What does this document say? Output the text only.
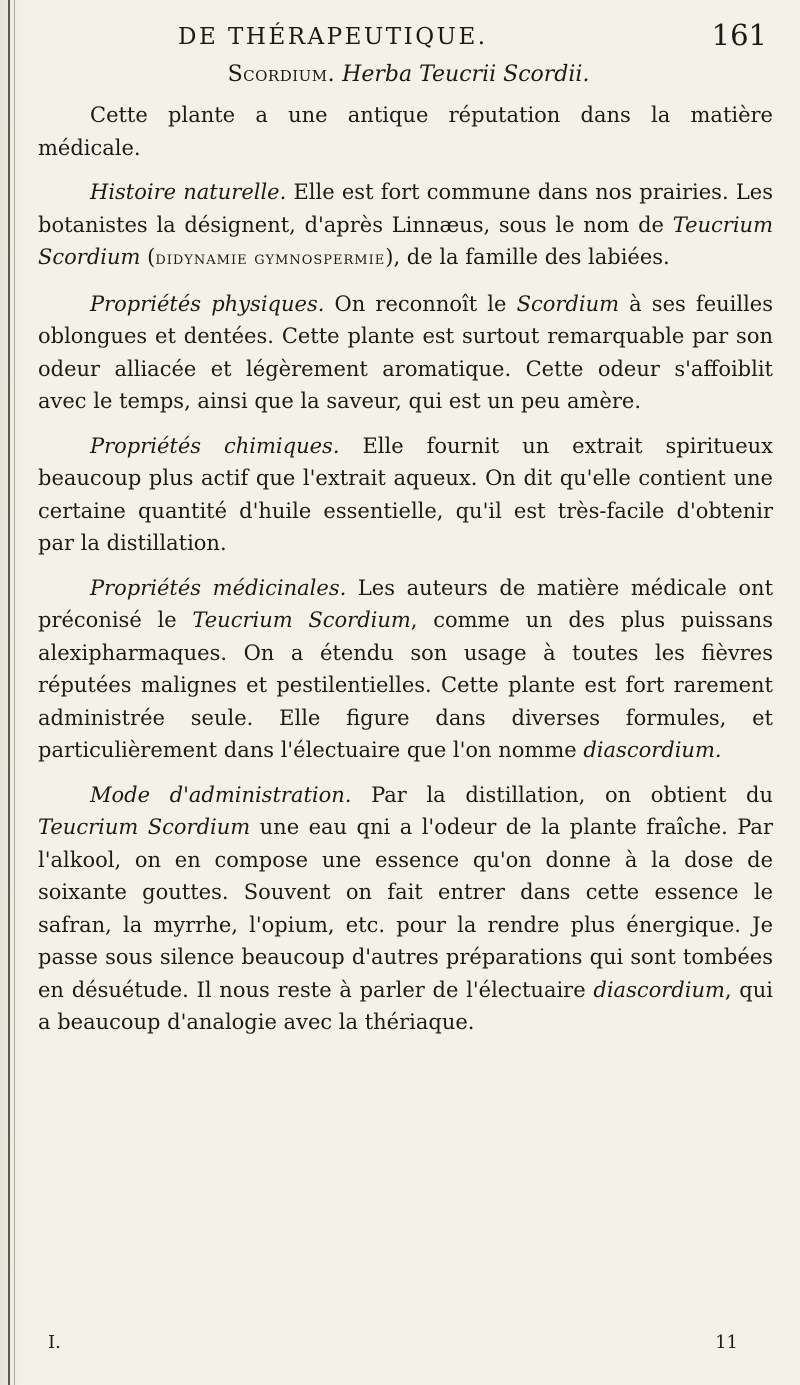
DE THÉRAPEUTIQUE.	161
Scordium. Herba Teucrii Scordii.

Cette plante a une antique réputation dans la matière médicale.

Histoire naturelle. Elle est fort commune dans nos prairies. Les botanistes la désignent, d'après Linnæus, sous le nom de Teucrium Scordium (didynamie gymnospermie), de la famille des labiées.

Propriétés physiques. On reconnoît le Scordium à ses feuilles oblongues et dentées. Cette plante est surtout remarquable par son odeur alliacée et légèrement aromatique. Cette odeur s'affoiblit avec le temps, ainsi que la saveur, qui est un peu amère.

Propriétés chimiques. Elle fournit un extrait spiritueux beaucoup plus actif que l'extrait aqueux. On dit qu'elle contient une certaine quantité d'huile essentielle, qu'il est très-facile d'obtenir par la distillation.

Propriétés médicinales. Les auteurs de matière médicale ont préconisé le Teucrium Scordium, comme un des plus puissans alexipharmaques. On a étendu son usage à toutes les fièvres réputées malignes et pestilentielles. Cette plante est fort rarement administrée seule. Elle figure dans diverses formules, et particulièrement dans l'électuaire que l'on nomme diascordium.

Mode d'administration. Par la distillation, on obtient du Teucrium Scordium une eau qni a l'odeur de la plante fraîche. Par l'alkool, on en compose une essence qu'on donne à la dose de soixante gouttes. Souvent on fait entrer dans cette essence le safran, la myrrhe, l'opium, etc. pour la rendre plus énergique. Je passe sous silence beaucoup d'autres préparations qui sont tombées en désuétude. Il nous reste à parler de l'électuaire diascordium, qui a beaucoup d'analogie avec la thériaque.

I.	11
